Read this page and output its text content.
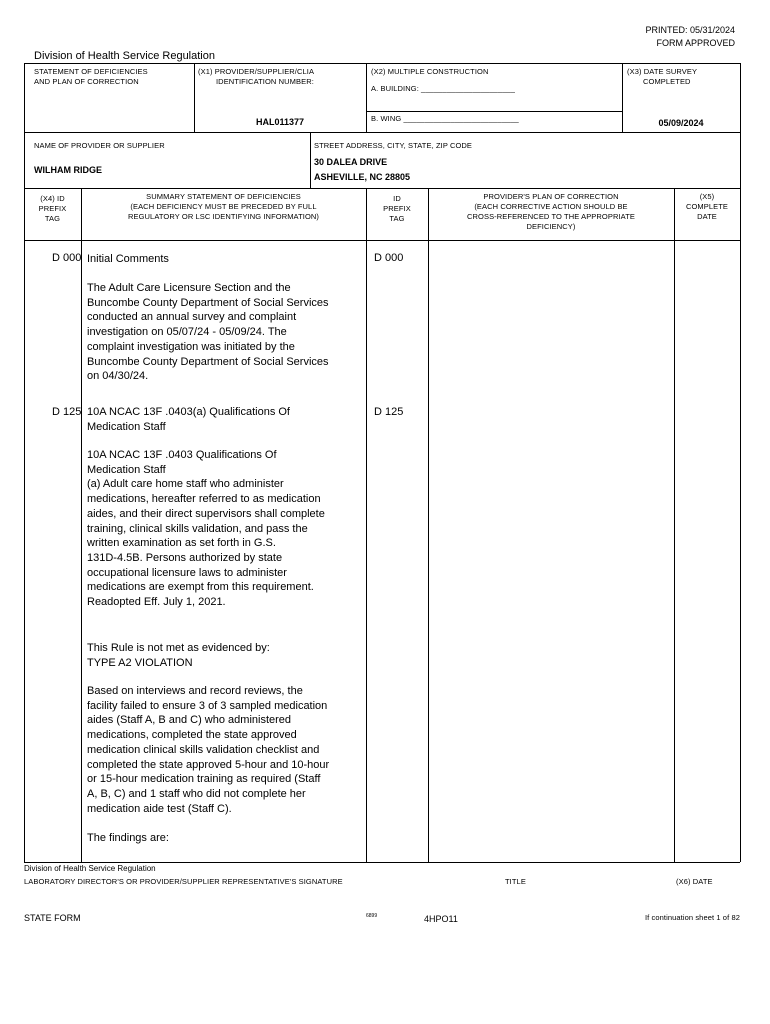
PRINTED: 05/31/2024
FORM APPROVED
Division of Health Service Regulation
STATEMENT OF DEFICIENCIES
AND PLAN OF CORRECTION
(X1) PROVIDER/SUPPLIER/CLIA
IDENTIFICATION NUMBER:
HAL011377
(X2) MULTIPLE CONSTRUCTION
A. BUILDING: ______________________
B. WING ___________________________
(X3) DATE SURVEY
COMPLETED
05/09/2024
NAME OF PROVIDER OR SUPPLIER
WILHAM RIDGE
STREET ADDRESS, CITY, STATE, ZIP CODE
30 DALEA DRIVE
ASHEVILLE, NC 28805
(X4) ID
PREFIX
TAG
SUMMARY STATEMENT OF DEFICIENCIES
(EACH DEFICIENCY MUST BE PRECEDED BY FULL
REGULATORY OR LSC IDENTIFYING INFORMATION)
ID
PREFIX
TAG
PROVIDER'S PLAN OF CORRECTION
(EACH CORRECTIVE ACTION SHOULD BE
CROSS-REFERENCED TO THE APPROPRIATE
DEFICIENCY)
(X5)
COMPLETE
DATE
D 000	D 000
Initial Comments
The Adult Care Licensure Section and the
Buncombe County Department of Social Services
conducted an annual survey and complaint
investigation on 05/07/24 - 05/09/24. The
complaint investigation was initiated by the
Buncombe County Department of Social Services
on 04/30/24.
D 125	D 125
10A NCAC 13F .0403(a) Qualifications Of
Medication Staff
10A NCAC 13F .0403 Qualifications Of
Medication Staff
(a) Adult care home staff who administer
medications, hereafter referred to as medication
aides, and their direct supervisors shall complete
training, clinical skills validation, and pass the
written examination as set forth in G.S.
131D-4.5B. Persons authorized by state
occupational licensure laws to administer
medications are exempt from this requirement.
Readopted Eff. July 1, 2021.
This Rule is not met as evidenced by:
TYPE A2 VIOLATION
Based on interviews and record reviews, the
facility failed to ensure 3 of 3 sampled medication
aides (Staff A, B and C) who administered
medications, completed the state approved
medication clinical skills validation checklist and
completed the state approved 5-hour and 10-hour
or 15-hour medication training as required (Staff
A, B, C) and 1 staff who did not complete her
medication aide test (Staff C).
The findings are:
Division of Health Service Regulation
LABORATORY DIRECTOR'S OR PROVIDER/SUPPLIER REPRESENTATIVE'S SIGNATURE	TITLE	(X6) DATE
STATE FORM	6899	4HPO11	If continuation sheet 1 of 82
